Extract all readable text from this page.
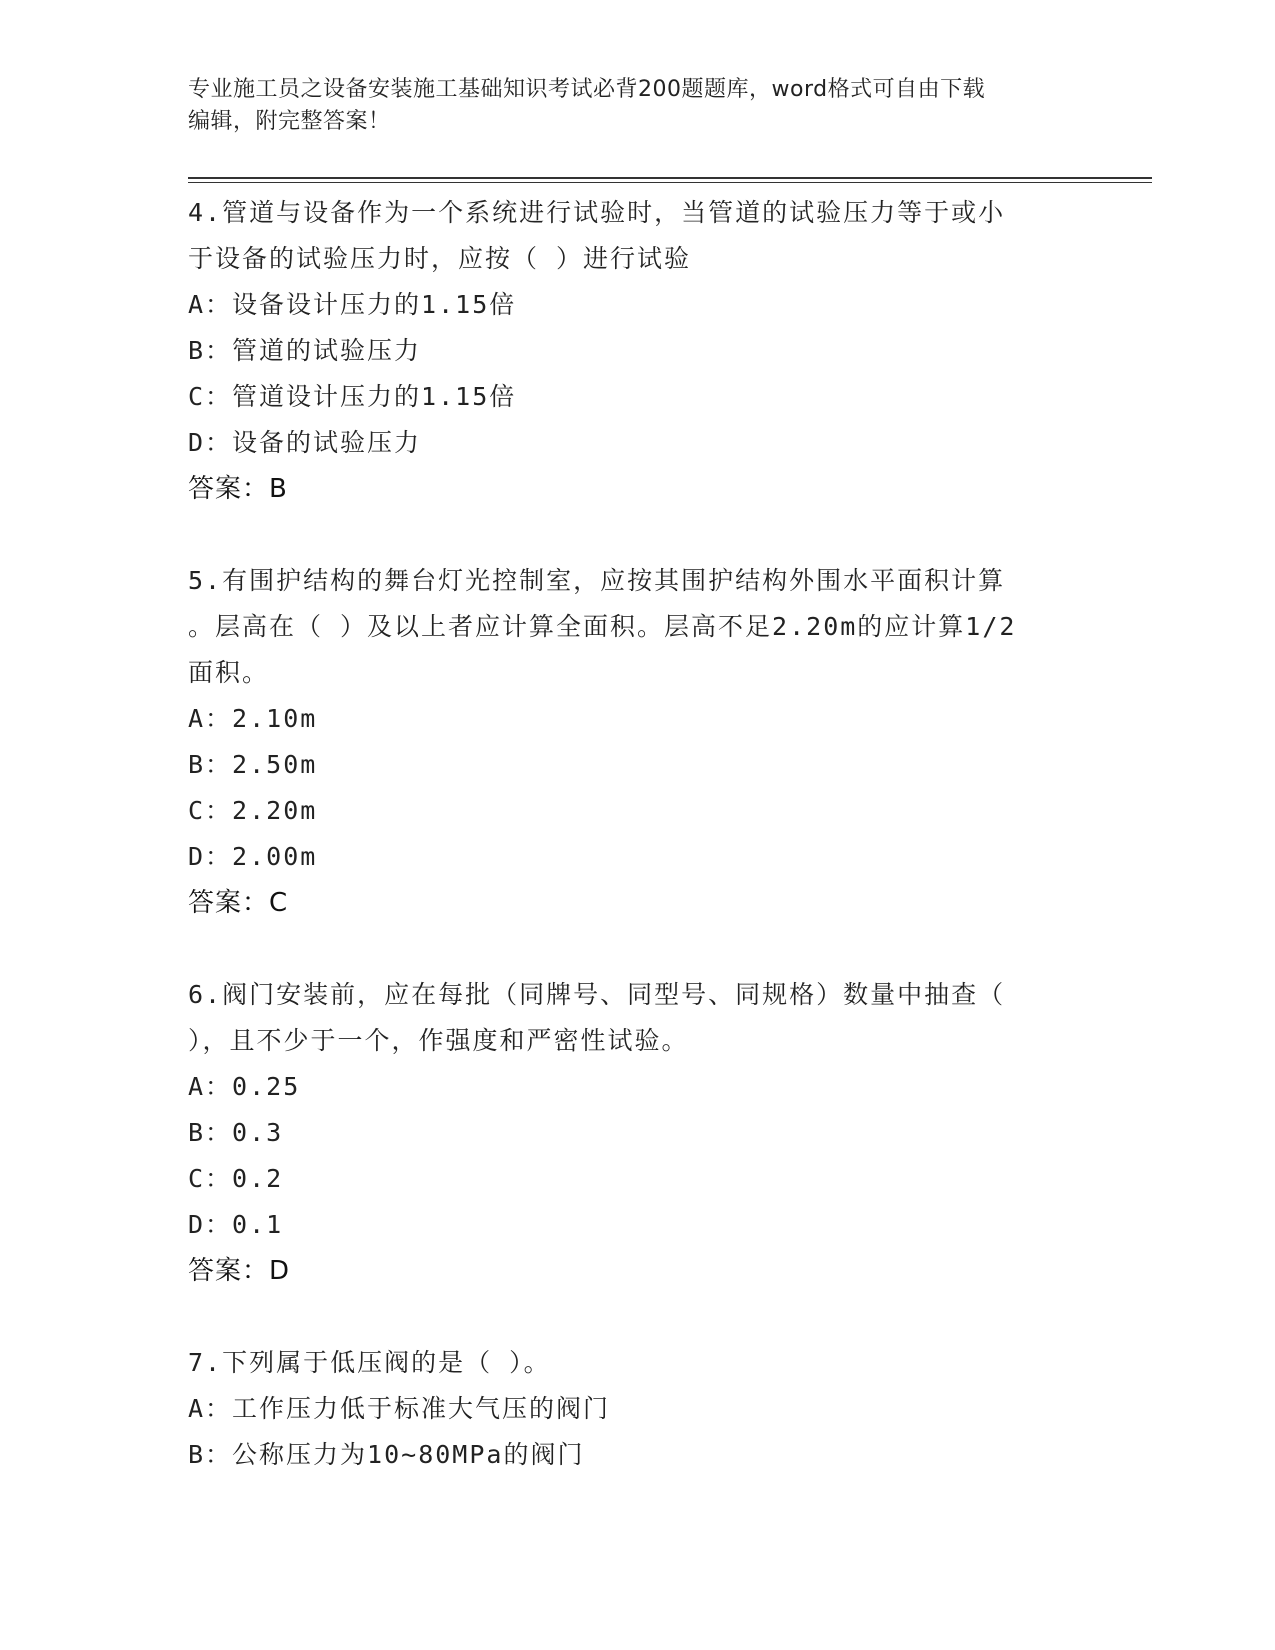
专业施工员之设备安装施工基础知识考试必背200题题库，word格式可自由下载
编辑，附完整答案！
4.管道与设备作为一个系统进行试验时，当管道的试验压力等于或小
于设备的试验压力时，应按（ ）进行试验
A：设备设计压力的1.15倍
B：管道的试验压力
C：管道设计压力的1.15倍
D：设备的试验压力
答案：B
5.有围护结构的舞台灯光控制室，应按其围护结构外围水平面积计算
。层高在（ ）及以上者应计算全面积。层高不足2.20m的应计算1/2
面积。
A：2.10m
B：2.50m
C：2.20m
D：2.00m
答案：C
6.阀门安装前，应在每批（同牌号、同型号、同规格）数量中抽查（
），且不少于一个，作强度和严密性试验。
A：0.25
B：0.3
C：0.2
D：0.1
答案：D
7.下列属于低压阀的是（ ）。
A：工作压力低于标准大气压的阀门
B：公称压力为10~80MPa的阀门
